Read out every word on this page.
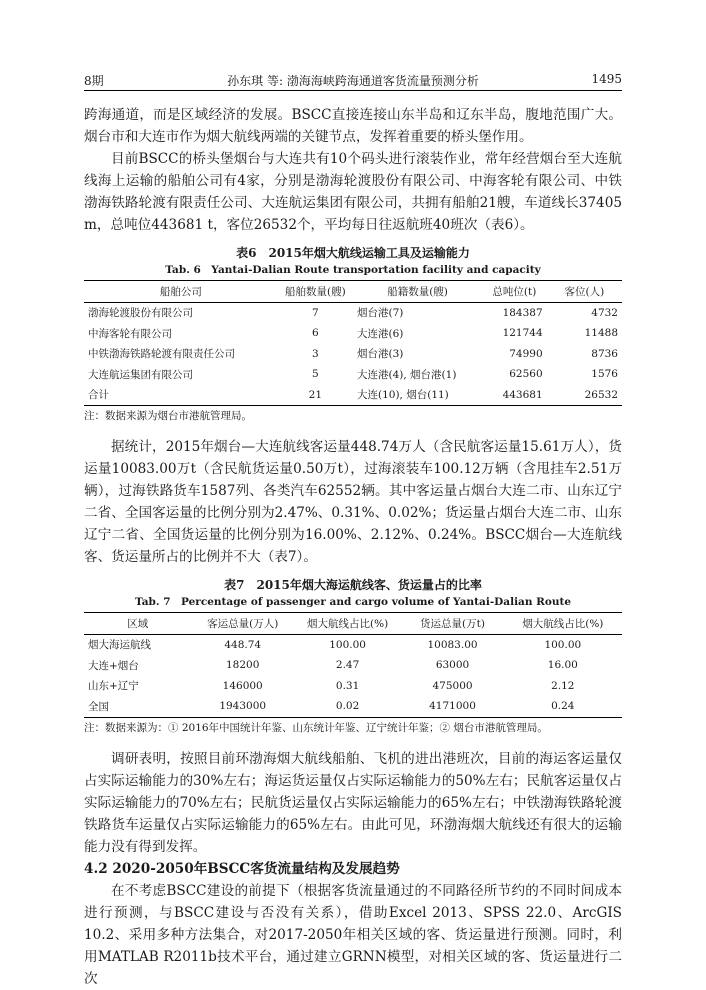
8期	孙东琪 等: 渤海海峡跨海通道客货流量预测分析	1495

跨海通道，而是区域经济的发展。BSCC直接连接山东半岛和辽东半岛，腹地范围广大。烟台市和大连市作为烟大航线两端的关键节点，发挥着重要的桥头堡作用。

目前BSCC的桥头堡烟台与大连共有10个码头进行滚装作业，常年经营烟台至大连航线海上运输的船舶公司有4家，分别是渤海轮渡股份有限公司、中海客轮有限公司、中铁渤海铁路轮渡有限责任公司、大连航运集团有限公司，共拥有船舶21艘，车道线长37405 m，总吨位443681 t，客位26532个，平均每日往返航班40班次（表6）。

表6　2015年烟大航线运输工具及运输能力
Tab. 6　Yantai-Dalian Route transportation facility and capacity
船舶公司	船舶数量(艘)	船籍数量(艘)	总吨位(t)	客位(人)
渤海轮渡股份有限公司	7	烟台港(7)	184387	4732
中海客轮有限公司	6	大连港(6)	121744	11488
中铁渤海铁路轮渡有限责任公司	3	烟台港(3)	74990	8736
大连航运集团有限公司	5	大连港(4), 烟台港(1)	62560	1576
合计	21	大连(10), 烟台(11)	443681	26532
注：数据来源为烟台市港航管理局。

据统计，2015年烟台—大连航线客运量448.74万人（含民航客运量15.61万人），货运量10083.00万t（含民航货运量0.50万t），过海滚装车100.12万辆（含甩挂车2.51万辆），过海铁路货车1587列、各类汽车62552辆。其中客运量占烟台大连二市、山东辽宁二省、全国客运量的比例分别为2.47%、0.31%、0.02%；货运量占烟台大连二市、山东辽宁二省、全国货运量的比例分别为16.00%、2.12%、0.24%。BSCC烟台—大连航线客、货运量所占的比例并不大（表7）。

表7　2015年烟大海运航线客、货运量占的比率
Tab. 7　Percentage of passenger and cargo volume of Yantai-Dalian Route
区域	客运总量(万人)	烟大航线占比(%)	货运总量(万t)	烟大航线占比(%)
烟大海运航线	448.74	100.00	10083.00	100.00
大连+烟台	18200	2.47	63000	16.00
山东+辽宁	146000	0.31	475000	2.12
全国	1943000	0.02	4171000	0.24
注：数据来源为：① 2016年中国统计年鉴、山东统计年鉴、辽宁统计年鉴；② 烟台市港航管理局。

调研表明，按照目前环渤海烟大航线船舶、飞机的进出港班次，目前的海运客运量仅占实际运输能力的30%左右；海运货运量仅占实际运输能力的50%左右；民航客运量仅占实际运输能力的70%左右；民航货运量仅占实际运输能力的65%左右；中铁渤海铁路轮渡铁路货车运量仅占实际运输能力的65%左右。由此可见，环渤海烟大航线还有很大的运输能力没有得到发挥。

4.2 2020-2050年BSCC客货流量结构及发展趋势

在不考虑BSCC建设的前提下（根据客货流量通过的不同路径所节约的不同时间成本进行预测，与BSCC建设与否没有关系），借助Excel 2013、SPSS 22.0、ArcGIS 10.2、采用多种方法集合，对2017-2050年相关区域的客、货运量进行预测。同时，利用MATLAB R2011b技术平台，通过建立GRNN模型，对相关区域的客、货运量进行二次
